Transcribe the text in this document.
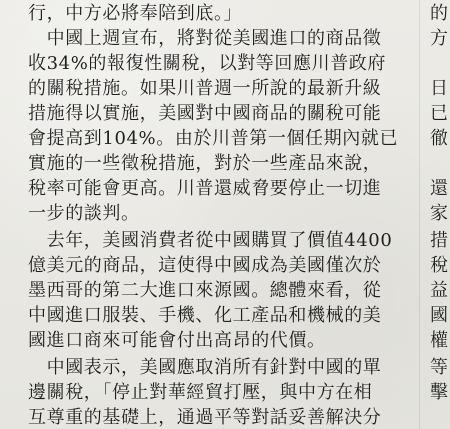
行，中方必將奉陪到底。」
　中國上週宣布，將對從美國進口的商品徵
收34%的報復性關稅，以對等回應川普政府
的關稅措施。如果川普週一所說的最新升級
措施得以實施，美國對中國商品的關稅可能
會提高到104%。由於川普第一個任期內就已
實施的一些徵稅措施，對於一些產品來說，
稅率可能會更高。川普還威脅要停止一切進
一步的談判。
　去年，美國消費者從中國購買了價值4400
億美元的商品，這使得中國成為美國僅次於
墨西哥的第二大進口來源國。總體來看，從
中國進口服裝、手機、化工產品和機械的美
國進口商來可能會付出高昂的代價。
　中國表示，美國應取消所有針對中國的單
邊關稅，「停止對華經貿打壓，與中方在相
互尊重的基礎上，通過平等對話妥善解決分
的
方
日
已
徹
還
家
措
稅
益
國
權
等
擊
